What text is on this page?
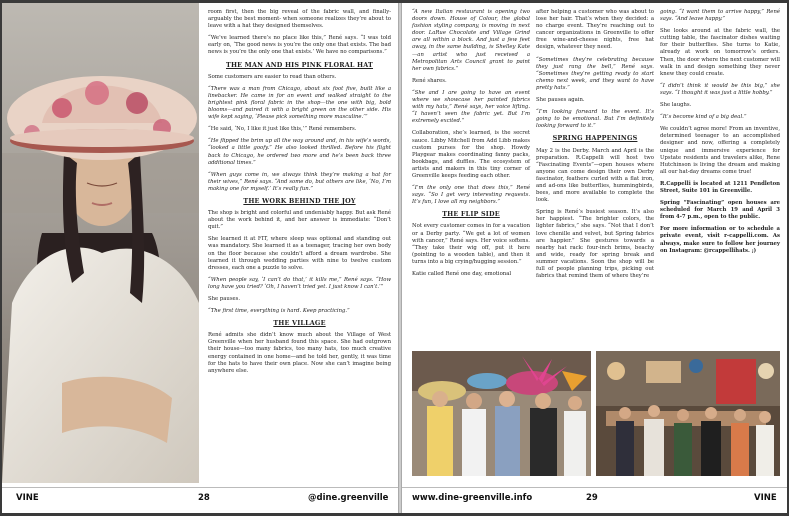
room first, then the big reveal of the fabric wall, and finally-arguably the best moment- when someone realizes they’re about to leave with a hat they designed themselves.

“We’ve learned there’s no place like this,” René says. “I was told early on, ‘The good news is you’re the only one that exists. The bad news is you’re the only one that exists.’ We have no comparisons.”

THE MAN AND HIS PINK FLORAL HAT

Some customers are easier to read than others.

“There was a man from Chicago, about six foot five, built like a linebacker. He came in for an event and walked straight to the brightest pink floral fabric in the shop—the one with big, bold blooms—and paired it with a bright green on the other side. His wife kept saying, ‘Please pick something more masculine.’”

“He said, ‘No, I like it just like this,’” René remembers.

“He flipped the brim up all the way around and, in his wife’s words, “looked a little goofy.” He also looked thrilled. Before his flight back to Chicago, he ordered two more and he’s been back three additional times.”

“When guys come in, we always think they’re making a hat for their wives,” René says. “And some do, but others are like, ‘No, I’m making one for myself.’ It’s really fun.”

THE WORK BEHIND THE JOY

The shop is bright and colorful and undeniably happy. But ask René about the work behind it, and her answer is immediate: “Don’t quit.”

She learned it at FIT, where sleep was optional and standing out was mandatory. She learned it as a teenager, tracing her own body on the floor because she couldn’t afford a dream wardrobe. She learned it through wedding parties with nine to twelve custom dresses, each one a puzzle to solve.

“When people say, ‘I can’t do that,’ it kills me,” René says. “How long have you tried? ‘Oh, I haven’t tried yet. I just know I can’t.’”

She pauses.

“The first time, everything is hard. Keep practicing.”

THE VILLAGE

René admits she didn’t know much about the Village of West Greenville when her husband found this space. She had outgrown their house—too many fabrics, too many hats, too much creative energy contained in one home—and he told her, gently, it was time for the hats to have their own place. Now she can’t imagine being anywhere else.

VINE	28	@dine.greenville

“A new Italian restaurant is opening two doors down. House of Colour, the global fashion styling company, is moving in next door. LaRue Chocolate and Village Grind are all within a block. And just a few feet away, in the same building, is Shelley Kate—an artist who just received a Metropolitan Arts Council grant to paint her own fabrics.”

René shares.

“She and I are going to have an event where we showcase her painted fabrics with my hats,” René says, her voice lifting. “I haven’t seen the fabric yet. But I’m extremely excited.”

Collaboration, she’s learned, is the secret sauce. Libby Mitchell from Add Libb makes custom purses for the shop. Howdy Playgear makes coordinating fanny packs, bookbags, and duffles. The ecosystem of artists and makers in this tiny corner of Greenville keeps feeding each other.

“I’m the only one that does this,” René says. “So I get very interesting requests. It’s fun, I love all my neighbors.”

THE FLIP SIDE

Not every customer comes in for a vacation or a Derby party. “We get a lot of women with cancer,” René says. Her voice softens. “They take their wig off, put it here (pointing to a wooden table), and then it turns into a big crying/hugging session.”

Katie called René one day, emotional

after helping a customer who was about to lose her hair. That’s when they decided: a no charge event. They’re reaching out to cancer organizations in Greenville to offer free wine-and-cheese nights, free hat design, whatever they need.

“Sometimes they’re celebrating because they just rang the bell,” René says. “Sometimes they’re getting ready to start chemo next week, and they want to have pretty hats.”

She pauses again.

“I’m looking forward to the event. It’s going to be emotional. But I’m definitely looking forward to it.”

SPRING HAPPENINGS

May 2 is the Derby. March and April is the preparation. R.Cappelli will host two “Fascinating Events”—open houses where anyone can come design their own Derby fascinator, feathers curled with a flat iron, and ad-ons like butterflies, hummingbirds, bees, and more available to complete the look.

Spring is René’s busiest season. It’s also her happiest. “The brighter colors, the lighter fabrics,” she says. “Not that I don’t love chenille and velvet, but Spring fabrics are happier.” She gestures towards a nearby hat rack: four-inch brims, beachy and wide, ready for spring break and summer vacations. Soon the shop will be full of people planning trips, picking out fabrics that remind them of where they’re

going. “I want them to arrive happy,” René says. “And leave happy.”

She looks around at the fabric wall, the cutting table, the fascinator dishes waiting for their butterflies. She turns to Katie, already at work on tomorrow’s orders. Then, the door where the next customer will walk in and design something they never knew they could create.

“I didn’t think it would be this big,” she says. “I thought it was just a little hobby.”

She laughs.

“It’s become kind of a big deal.”

We couldn’t agree more! From an inventive, determined teenager to an accomplished designer and now, offering a completely unique and immersive experience for Upstate residents and travelers alike, Rene Hutchinson is living the dream and making all our hat-day dreams come true!

R.Cappelli is located at 1211 Pendleton Street, Suite 101 in Greenville.

Spring “Fascinating” open houses are scheduled for March 19 and April 3 from 4-7 p.m., open to the public.

For more information or to schedule a private event, visit r-cappelli.com. As always, make sure to follow her journey on Instagram: @rcappellihats. ;)

www.dine-greenville.info	29	VINE
